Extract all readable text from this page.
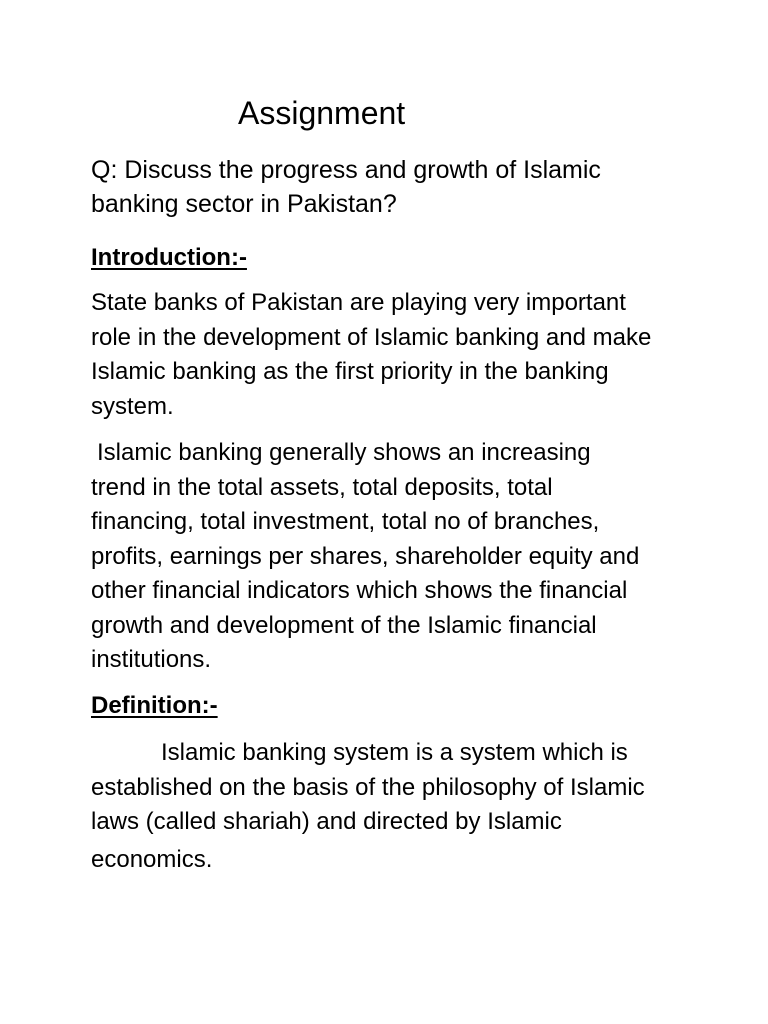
Assignment

Q: Discuss the progress and growth of Islamic
banking sector in Pakistan?

Introduction:-

State banks of Pakistan are playing very important
role in the development of Islamic banking and make
Islamic banking as the first priority in the banking
system.

Islamic banking generally shows an increasing
trend in the total assets, total deposits, total
financing, total investment, total no of branches,
profits, earnings per shares, shareholder equity and
other financial indicators which shows the financial
growth and development of the Islamic financial
institutions.

Definition:-

Islamic banking system is a system which is
established on the basis of the philosophy of Islamic
laws (called shariah) and directed by Islamic
economics.
